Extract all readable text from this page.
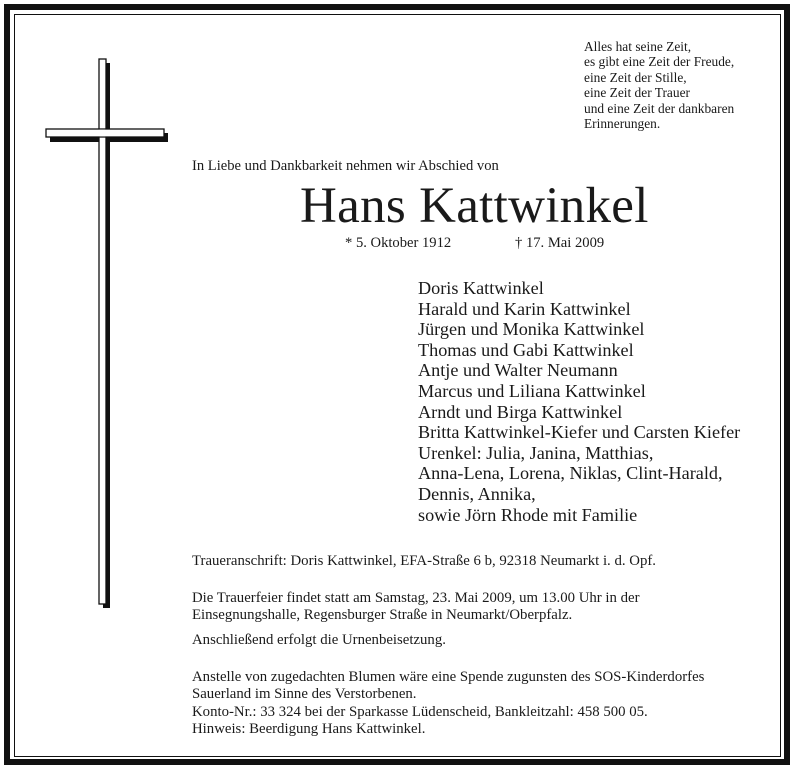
Alles hat seine Zeit,
es gibt eine Zeit der Freude,
eine Zeit der Stille,
eine Zeit der Trauer
und eine Zeit der dankbaren
Erinnerungen.
In Liebe und Dankbarkeit nehmen wir Abschied von
Hans Kattwinkel
* 5. Oktober 1912	† 17. Mai 2009
Doris Kattwinkel
Harald und Karin Kattwinkel
Jürgen und Monika Kattwinkel
Thomas und Gabi Kattwinkel
Antje und Walter Neumann
Marcus und Liliana Kattwinkel
Arndt und Birga Kattwinkel
Britta Kattwinkel-Kiefer und Carsten Kiefer
Urenkel: Julia, Janina, Matthias,
Anna-Lena, Lorena, Niklas, Clint-Harald,
Dennis, Annika,
sowie Jörn Rhode mit Familie
Traueranschrift: Doris Kattwinkel, EFA-Straße 6 b, 92318 Neumarkt i. d. Opf.
Die Trauerfeier findet statt am Samstag, 23. Mai 2009, um 13.00 Uhr in der
Einsegnungshalle, Regensburger Straße in Neumarkt/Oberpfalz.
Anschließend erfolgt die Urnenbeisetzung.
Anstelle von zugedachten Blumen wäre eine Spende zugunsten des SOS-Kinderdorfes
Sauerland im Sinne des Verstorbenen.
Konto-Nr.: 33 324 bei der Sparkasse Lüdenscheid, Bankleitzahl: 458 500 05.
Hinweis: Beerdigung Hans Kattwinkel.
